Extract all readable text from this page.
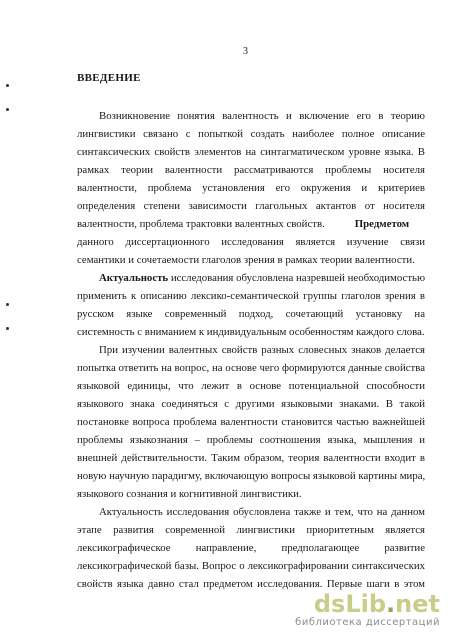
3
ВВЕДЕНИЕ
Возникновение понятия валентность и включение его в теорию
лингвистики связано с попыткой создать наиболее полное описание
синтаксических свойств элементов на синтагматическом уровне языка. В
рамках теории валентности рассматриваются проблемы носителя
валентности, проблема установления его окружения и критериев
определения степени зависимости глагольных актантов от носителя
валентности, проблема трактовки валентных свойств.	Предметом
данного диссертационного исследования является изучение связи
семантики и сочетаемости глаголов зрения в рамках теории валентности.
Актуальность исследования обусловлена назревшей необходимостью
применить к описанию лексико-семантической группы глаголов зрения в
русском языке современный подход, сочетающий установку на
системность с вниманием к индивидуальным особенностям каждого слова.
При изучении валентных свойств разных словесных знаков делается
попытка ответить на вопрос, на основе чего формируются данные свойства
языковой единицы, что лежит в основе потенциальной способности
языкового знака соединяться с другими языковыми знаками. В такой
постановке вопроса проблема валентности становится частью важнейшей
проблемы языкознания – проблемы соотношения языка, мышления и
внешней действительности. Таким образом, теория валентности входит в
новую научную парадигму, включающую вопросы языковой картины мира,
языкового сознания и когнитивной лингвистики.
Актуальность исследования обусловлена также и тем, что на данном
этапе развития современной лингвистики приоритетным является
лексикографическое направление, предполагающее развитие
лексикографической базы. Вопрос о лексикографировании синтаксических
свойств языка давно стал предметом исследования. Первые шаги в этом
dsLib.net
библиотека диссертаций
